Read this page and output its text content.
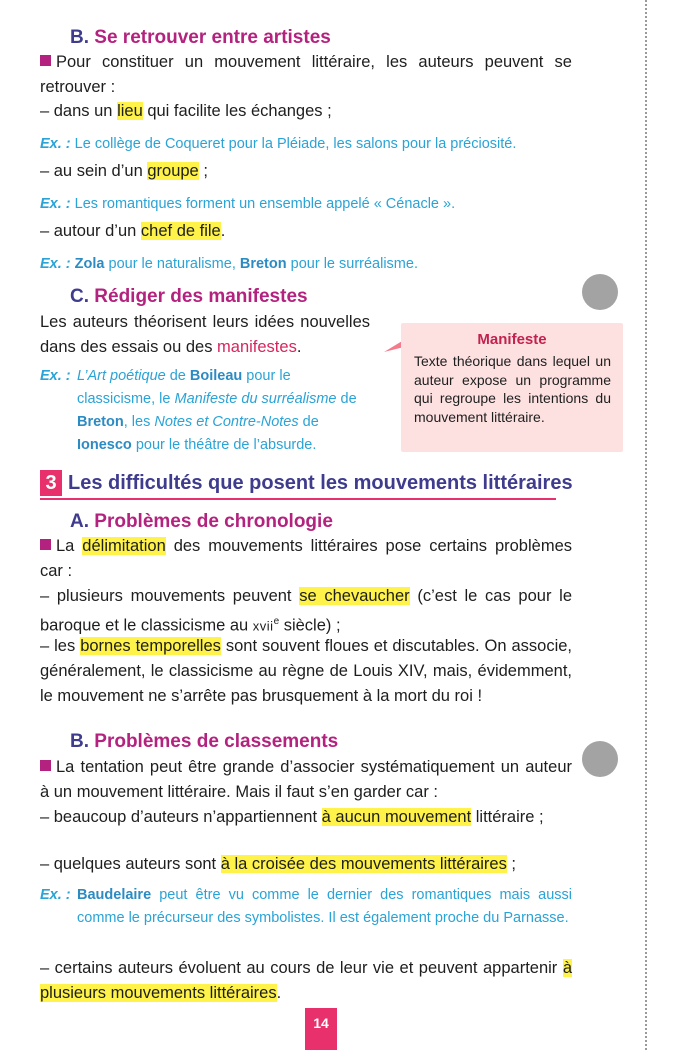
B. Se retrouver entre artistes

Pour constituer un mouvement littéraire, les auteurs peuvent se retrouver :

– dans un lieu qui facilite les échanges ;

Ex. : Le collège de Coqueret pour la Pléiade, les salons pour la préciosité.

– au sein d’un groupe ;

Ex. : Les romantiques forment un ensemble appelé « Cénacle ».

– autour d’un chef de file.

Ex. : Zola pour le naturalisme, Breton pour le surréalisme.

C. Rédiger des manifestes

Les auteurs théorisent leurs idées nouvelles dans des essais ou des manifestes.

Ex. : L’Art poétique de Boileau pour le classicisme, le Manifeste du surréalisme de Breton, les Notes et Contre-Notes de Ionesco pour le théâtre de l’absurde.

Manifeste

Texte théorique dans lequel un auteur expose un programme qui regroupe les intentions du mouvement littéraire.

3 Les difficultés que posent les mouvements littéraires
A. Problèmes de chronologie

La délimitation des mouvements littéraires pose certains problèmes car :

– plusieurs mouvements peuvent se chevaucher (c’est le cas pour le baroque et le classicisme au xvii$^e$ siècle) ;

– les bornes temporelles sont souvent floues et discutables. On associe, généralement, le classicisme au règne de Louis XIV, mais, évidemment, le mouvement ne s’arrête pas brusquement à la mort du roi !

B. Problèmes de classements

La tentation peut être grande d’associer systématiquement un auteur à un mouvement littéraire. Mais il faut s’en garder car :

– beaucoup d’auteurs n’appartiennent à aucun mouvement littéraire ;

– quelques auteurs sont à la croisée des mouvements littéraires ;

Ex. : Baudelaire peut être vu comme le dernier des romantiques mais aussi comme le précurseur des symbolistes. Il est également proche du Parnasse.

– certains auteurs évoluent au cours de leur vie et peuvent appartenir à plusieurs mouvements littéraires.

14
